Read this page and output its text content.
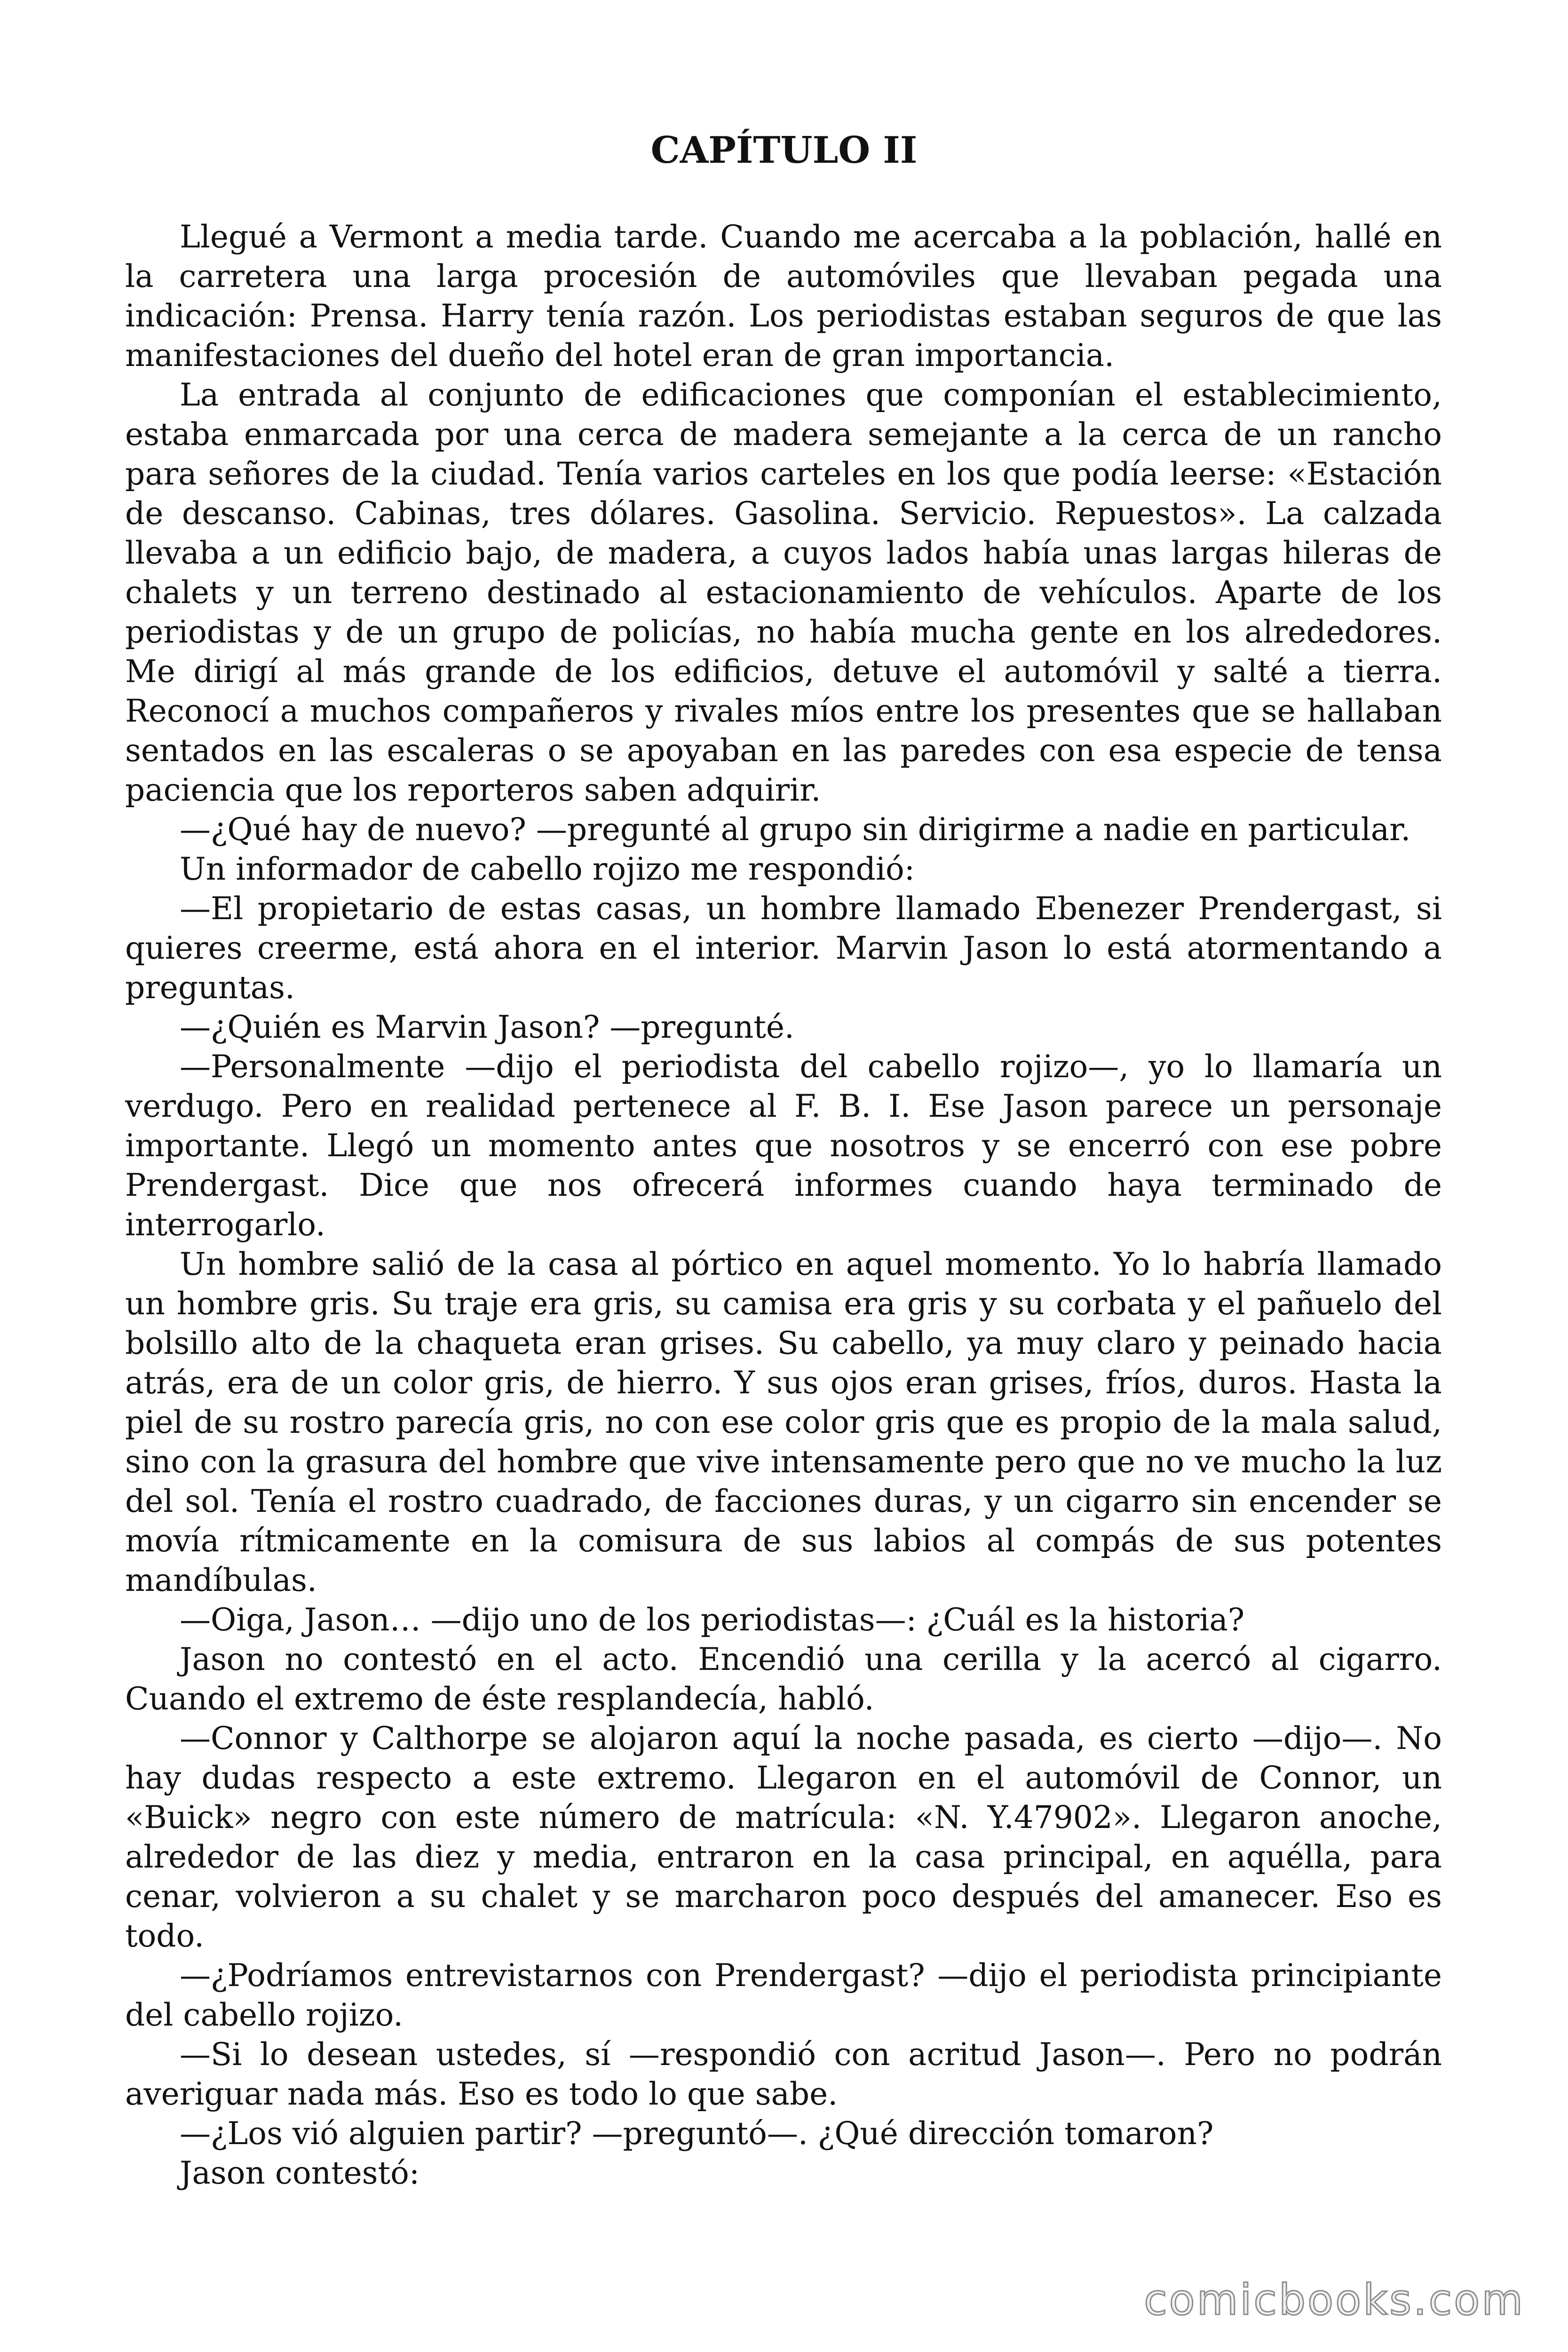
CAPÍTULO II

Llegué a Vermont a media tarde. Cuando me acercaba a la población, hallé en la carretera una larga procesión de automóviles que llevaban pegada una indicación: Prensa. Harry tenía razón. Los periodistas estaban seguros de que las manifestaciones del dueño del hotel eran de gran importancia.

La entrada al conjunto de edificaciones que componían el establecimiento, estaba enmarcada por una cerca de madera semejante a la cerca de un rancho para señores de la ciudad. Tenía varios carteles en los que podía leerse: «Estación de descanso. Cabinas, tres dólares. Gasolina. Servicio. Repuestos». La calzada llevaba a un edificio bajo, de madera, a cuyos lados había unas largas hileras de chalets y un terreno destinado al estacionamiento de vehículos. Aparte de los periodistas y de un grupo de policías, no había mucha gente en los alrededores. Me dirigí al más grande de los edificios, detuve el automóvil y salté a tierra. Reconocí a muchos compañeros y rivales míos entre los presentes que se hallaban sentados en las escaleras o se apoyaban en las paredes con esa especie de tensa paciencia que los reporteros saben adquirir.

—¿Qué hay de nuevo? —pregunté al grupo sin dirigirme a nadie en particular.

Un informador de cabello rojizo me respondió:

—El propietario de estas casas, un hombre llamado Ebenezer Prendergast, si quieres creerme, está ahora en el interior. Marvin Jason lo está atormentando a preguntas.

—¿Quién es Marvin Jason? —pregunté.

—Personalmente —dijo el periodista del cabello rojizo—, yo lo llamaría un verdugo. Pero en realidad pertenece al F. B. I. Ese Jason parece un personaje importante. Llegó un momento antes que nosotros y se encerró con ese pobre Prendergast. Dice que nos ofrecerá informes cuando haya terminado de interrogarlo.

Un hombre salió de la casa al pórtico en aquel momento. Yo lo habría llamado un hombre gris. Su traje era gris, su camisa era gris y su corbata y el pañuelo del bolsillo alto de la chaqueta eran grises. Su cabello, ya muy claro y peinado hacia atrás, era de un color gris, de hierro. Y sus ojos eran grises, fríos, duros. Hasta la piel de su rostro parecía gris, no con ese color gris que es propio de la mala salud, sino con la grasura del hombre que vive intensamente pero que no ve mucho la luz del sol. Tenía el rostro cuadrado, de facciones duras, y un cigarro sin encender se movía rítmicamente en la comisura de sus labios al compás de sus potentes mandíbulas.

—Oiga, Jason… —dijo uno de los periodistas—: ¿Cuál es la historia?

Jason no contestó en el acto. Encendió una cerilla y la acercó al cigarro. Cuando el extremo de éste resplandecía, habló.

—Connor y Calthorpe se alojaron aquí la noche pasada, es cierto —dijo—. No hay dudas respecto a este extremo. Llegaron en el automóvil de Connor, un «Buick» negro con este número de matrícula: «N. Y.47902». Llegaron anoche, alrededor de las diez y media, entraron en la casa principal, en aquélla, para cenar, volvieron a su chalet y se marcharon poco después del amanecer. Eso es todo.

—¿Podríamos entrevistarnos con Prendergast? —dijo el periodista principiante del cabello rojizo.

—Si lo desean ustedes, sí —respondió con acritud Jason—. Pero no podrán averiguar nada más. Eso es todo lo que sabe.

—¿Los vió alguien partir? —preguntó—. ¿Qué dirección tomaron?

Jason contestó:

comicbooks.com
